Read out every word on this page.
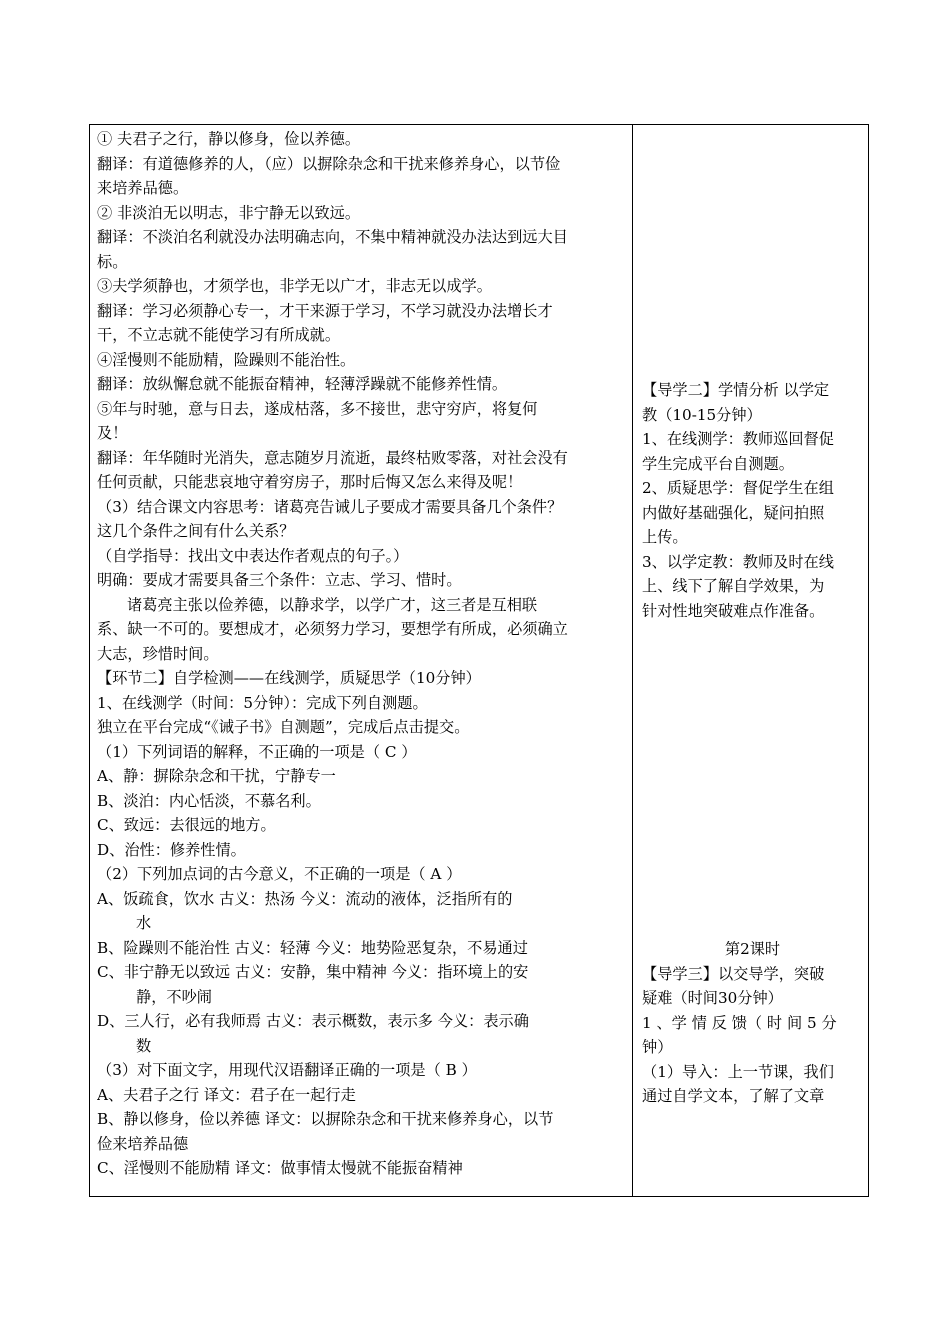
① 夫君子之行，静以修身，俭以养德。
翻译：有道德修养的人，（应）以摒除杂念和干扰来修养身心，以节俭
来培养品德。
② 非淡泊无以明志，非宁静无以致远。
翻译：不淡泊名利就没办法明确志向，不集中精神就没办法达到远大目
标。
③夫学须静也，才须学也，非学无以广才，非志无以成学。
翻译：学习必须静心专一，才干来源于学习，不学习就没办法增长才
干，不立志就不能使学习有所成就。
④淫慢则不能励精，险躁则不能治性。
翻译：放纵懈怠就不能振奋精神，轻薄浮躁就不能修养性情。
⑤年与时驰，意与日去，遂成枯落，多不接世，悲守穷庐，将复何
及！
翻译：年华随时光消失，意志随岁月流逝，最终枯败零落，对社会没有
任何贡献，只能悲哀地守着穷房子，那时后悔又怎么来得及呢！
（3）结合课文内容思考：诸葛亮告诫儿子要成才需要具备几个条件？
这几个条件之间有什么关系？
（自学指导：找出文中表达作者观点的句子。）
明确：要成才需要具备三个条件：立志、学习、惜时。
诸葛亮主张以俭养德，以静求学，以学广才，这三者是互相联
系、缺一不可的。要想成才，必须努力学习，要想学有所成，必须确立
大志，珍惜时间。
【环节二】自学检测——在线测学，质疑思学（10分钟）
1、在线测学（时间：5分钟）：完成下列自测题。
独立在平台完成“《诫子书》自测题”，完成后点击提交。
（1）下列词语的解释，不正确的一项是（ C ）
A、静：摒除杂念和干扰，宁静专一
B、淡泊：内心恬淡，不慕名利。
C、致远：去很远的地方。
D、治性：修养性情。
（2）下列加点词的古今意义，不正确的一项是（ A ）
A、饭疏食，饮水 古义：热汤 今义：流动的液体，泛指所有的
水
B、险躁则不能治性 古义：轻薄 今义：地势险恶复杂，不易通过
C、非宁静无以致远 古义：安静，集中精神 今义：指环境上的安
静，不吵闹
D、三人行，必有我师焉 古义：表示概数，表示多 今义：表示确
数
（3）对下面文字，用现代汉语翻译正确的一项是（ B ）
A、夫君子之行 译文：君子在一起行走
B、静以修身，俭以养德 译文：以摒除杂念和干扰来修养身心，以节
俭来培养品德
C、淫慢则不能励精 译文：做事情太慢就不能振奋精神

【导学二】学情分析 以学定
教（10-15分钟）
1、在线测学：教师巡回督促
学生完成平台自测题。
2、质疑思学：督促学生在组
内做好基础强化，疑问拍照
上传。
3、以学定教：教师及时在线
上、线下了解自学效果，为
针对性地突破难点作准备。
第2课时
【导学三】以交导学，突破
疑难（时间30分钟）
1 、学 情 反 馈（ 时 间 5 分
钟）
（1）导入：上一节课，我们
通过自学文本，了解了文章
